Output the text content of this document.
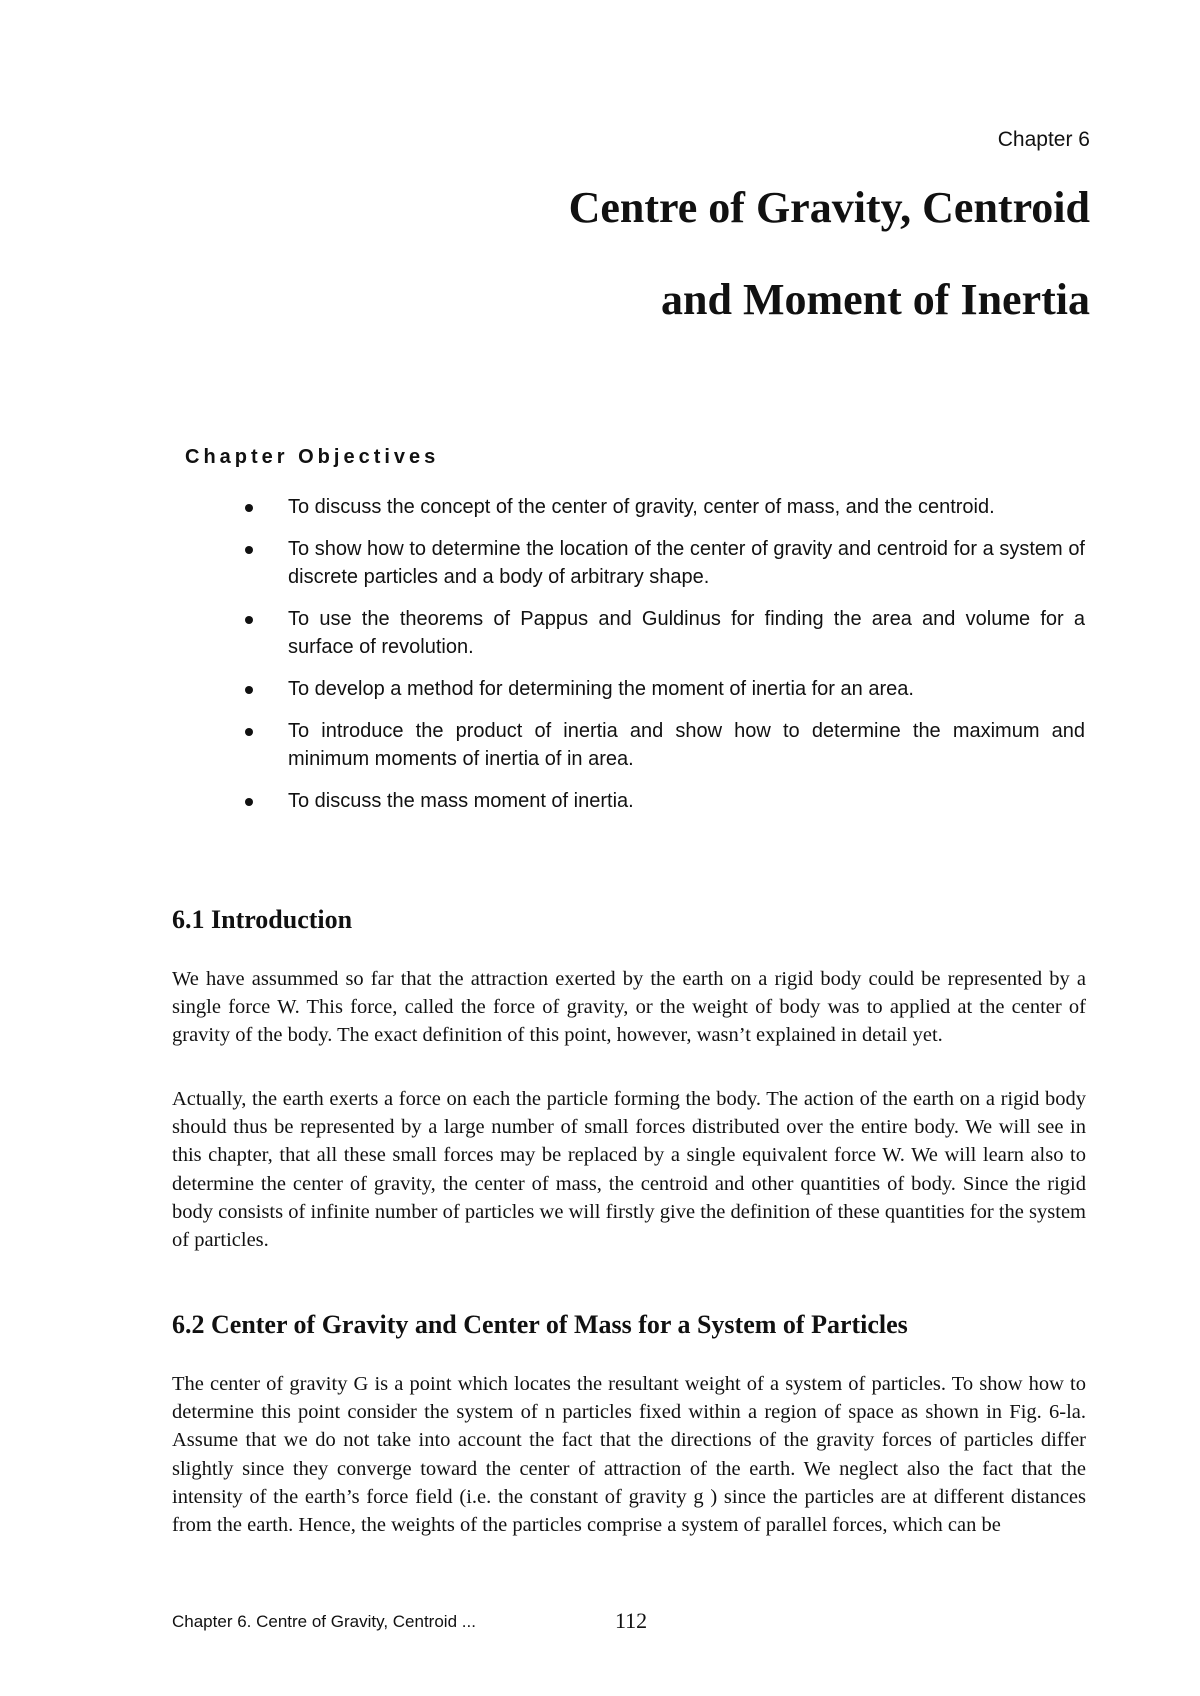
Chapter 6
Centre of Gravity, Centroid
and Moment of Inertia
Chapter Objectives
To discuss the concept of the center of gravity, center of mass, and the centroid.
To show how to determine the location of the center of gravity and centroid for a system of discrete particles and a body of arbitrary shape.
To use the theorems of Pappus and Guldinus for finding the area and volume for a surface of revolution.
To develop a method for determining the moment of inertia for an area.
To introduce the product of inertia and show how to determine the maximum and minimum moments of inertia of in area.
To discuss the mass moment of inertia.
6.1 Introduction

We have assummed so far that the attraction exerted by the earth on a rigid body could be represented by a single force W. This force, called the force of gravity, or the weight of body was to applied at the center of gravity of the body. The exact definition of this point, however, wasn’t explained in detail yet.

Actually, the earth exerts a force on each the particle forming the body. The action of the earth on a rigid body should thus be represented by a large number of small forces distributed over the entire body. We will see in this chapter, that all these small forces may be replaced by a single equivalent force W. We will learn also to determine the center of gravity, the center of mass, the centroid and other quantities of body. Since the rigid body consists of infinite number of particles we will firstly give the definition of these quantities for the system of particles.

6.2 Center of Gravity and Center of Mass for a System of Particles

The center of gravity G is a point which locates the resultant weight of a system of particles. To show how to determine this point consider the system of n particles fixed within a region of space as shown in Fig. 6-la. Assume that we do not take into account the fact that the directions of the gravity forces of particles differ slightly since they converge toward the center of attraction of the earth. We neglect also the fact that the intensity of the earth’s force field (i.e. the constant of gravity g ) since the particles are at different distances from the earth. Hence, the weights of the particles comprise a system of parallel forces, which can be

Chapter 6. Centre of Gravity, Centroid ...	112
